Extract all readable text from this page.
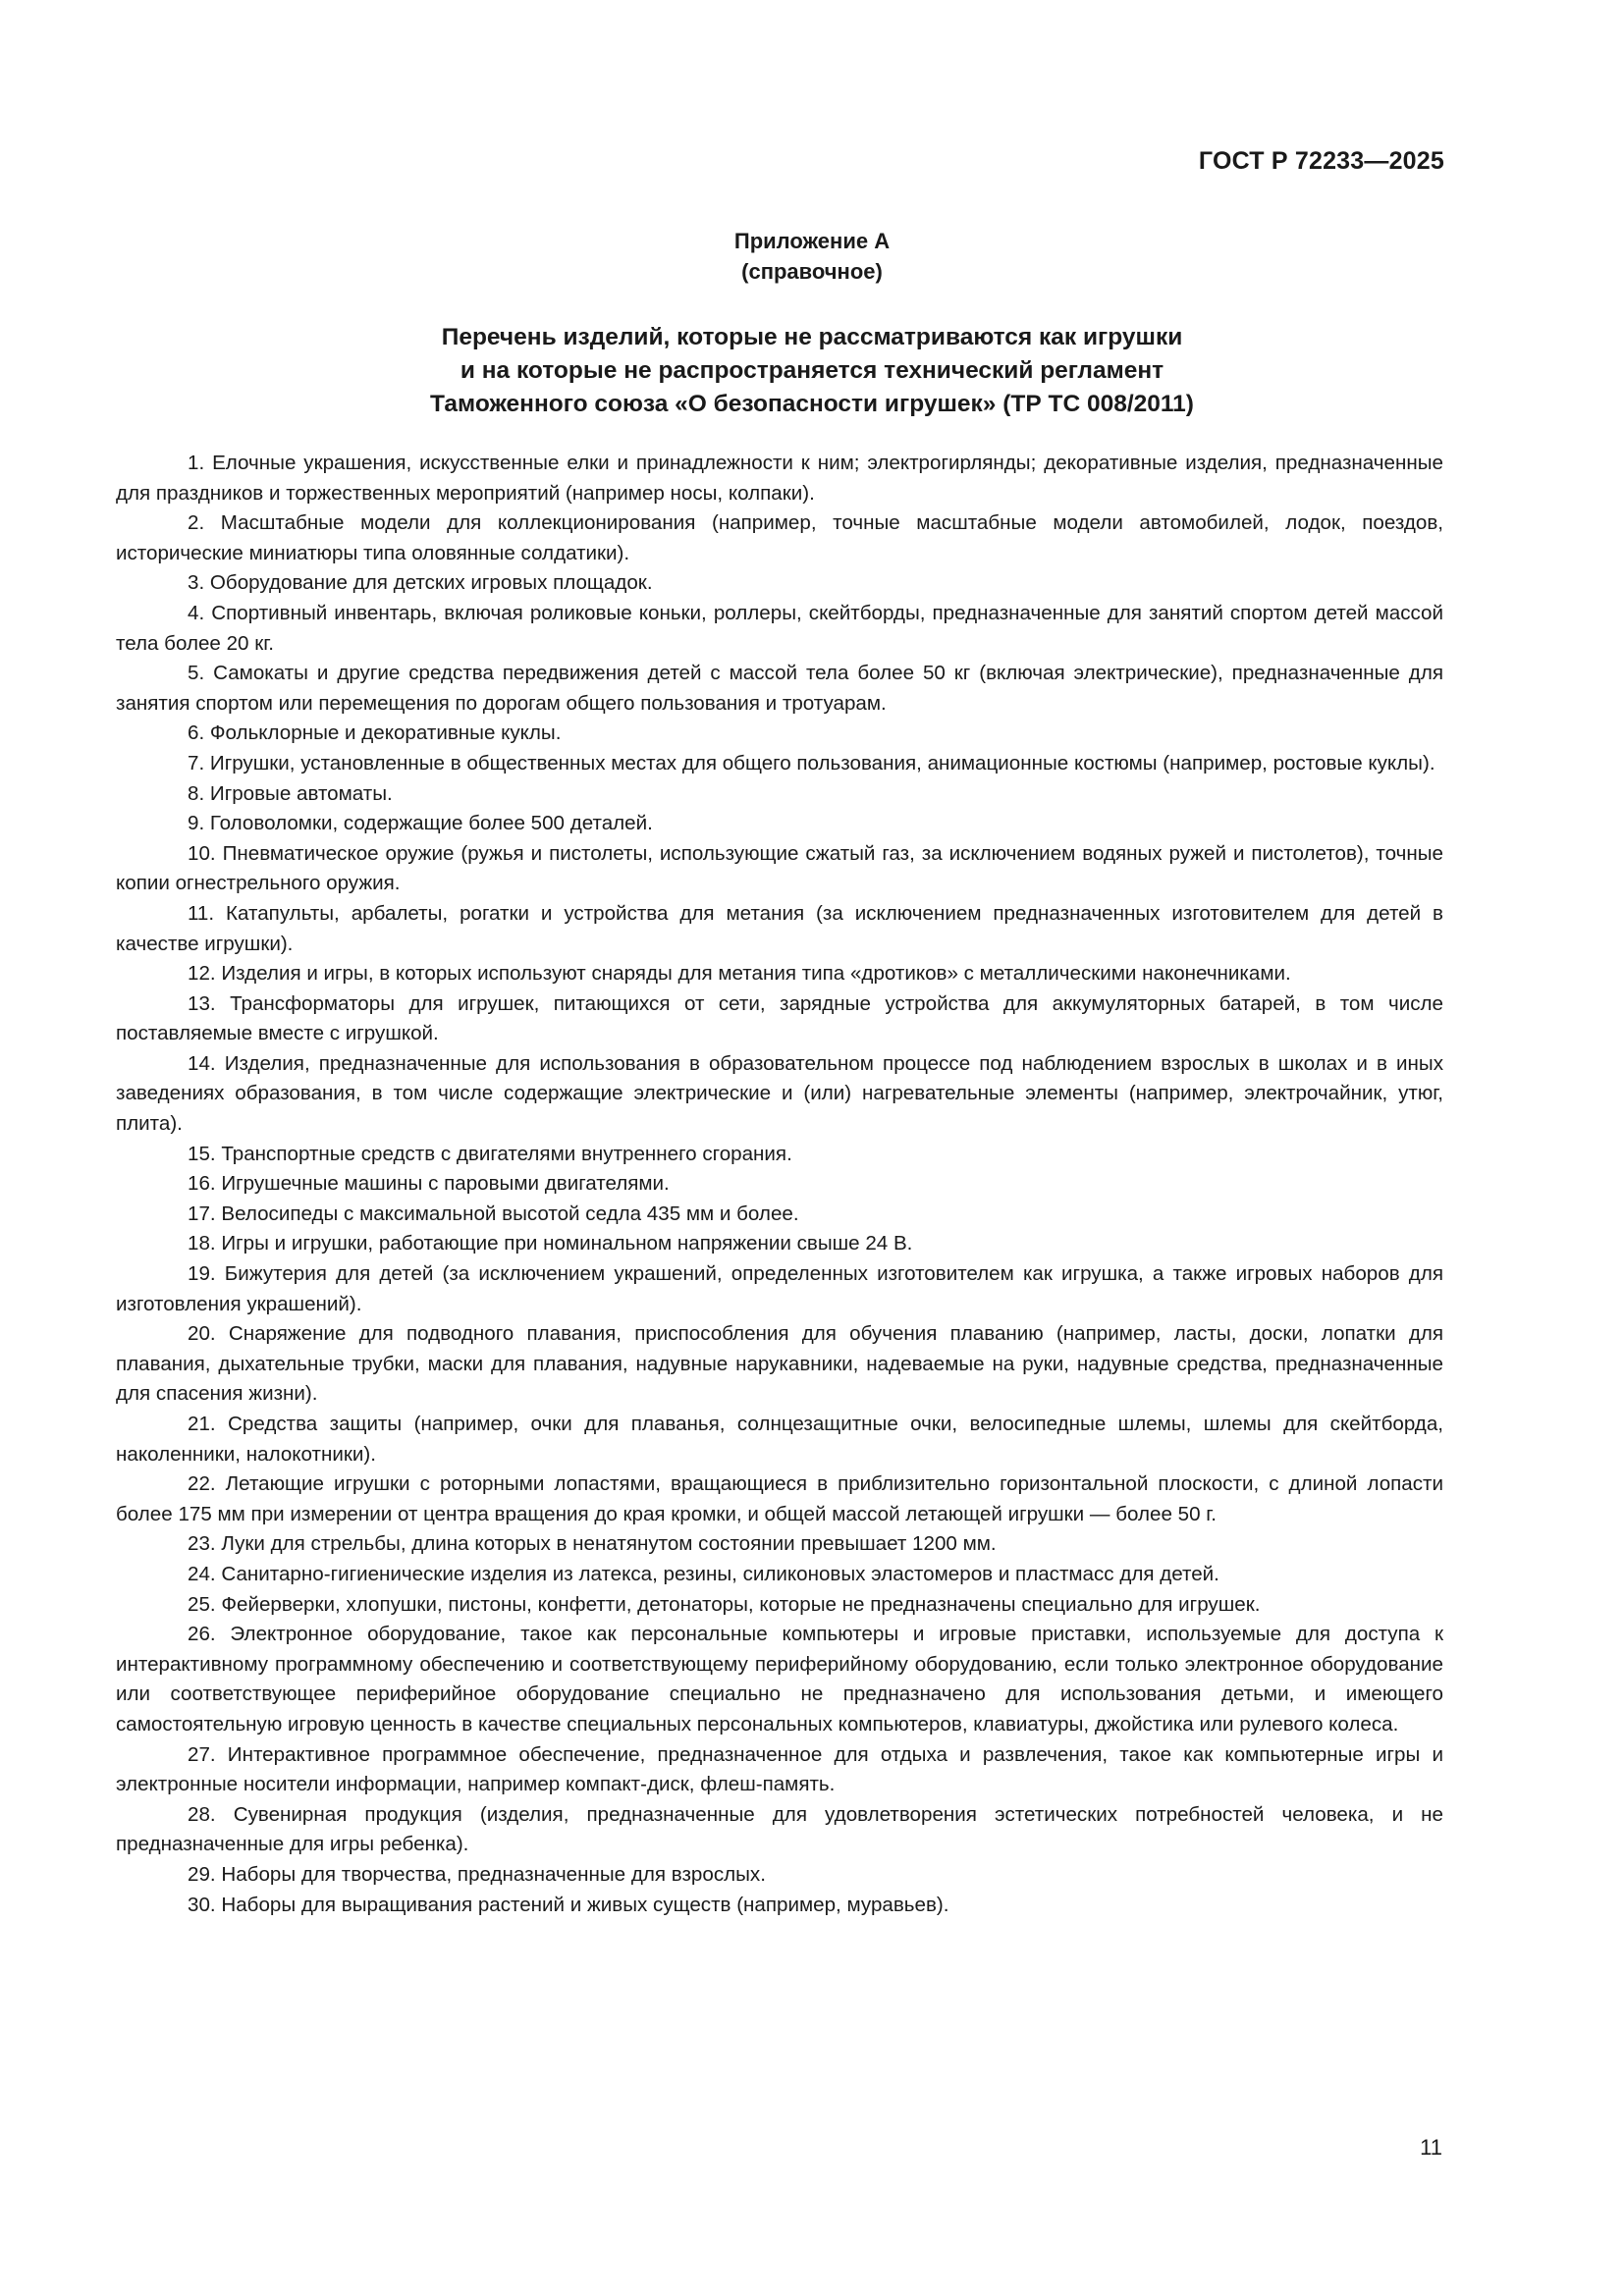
ГОСТ Р 72233—2025
Приложение А
(справочное)
Перечень изделий, которые не рассматриваются как игрушки
и на которые не распространяется технический регламент
Таможенного союза «О безопасности игрушек» (ТР ТС 008/2011)
1. Елочные украшения, искусственные елки и принадлежности к ним; электрогирлянды; декоративные изделия, предназначенные для праздников и торжественных мероприятий (например носы, колпаки).
2. Масштабные модели для коллекционирования (например, точные масштабные модели автомобилей, лодок, поездов, исторические миниатюры типа оловянные солдатики).
3. Оборудование для детских игровых площадок.
4. Спортивный инвентарь, включая роликовые коньки, роллеры, скейтборды, предназначенные для занятий спортом детей массой тела более 20 кг.
5. Самокаты и другие средства передвижения детей с массой тела более 50 кг (включая электрические), предназначенные для занятия спортом или перемещения по дорогам общего пользования и тротуарам.
6. Фольклорные и декоративные куклы.
7. Игрушки, установленные в общественных местах для общего пользования, анимационные костюмы (например, ростовые куклы).
8. Игровые автоматы.
9. Головоломки, содержащие более 500 деталей.
10. Пневматическое оружие (ружья и пистолеты, использующие сжатый газ, за исключением водяных ружей и пистолетов), точные копии огнестрельного оружия.
11. Катапульты, арбалеты, рогатки и устройства для метания (за исключением предназначенных изготовителем для детей в качестве игрушки).
12. Изделия и игры, в которых используют снаряды для метания типа «дротиков» с металлическими наконечниками.
13. Трансформаторы для игрушек, питающихся от сети, зарядные устройства для аккумуляторных батарей, в том числе поставляемые вместе с игрушкой.
14. Изделия, предназначенные для использования в образовательном процессе под наблюдением взрослых в школах и в иных заведениях образования, в том числе содержащие электрические и (или) нагревательные элементы (например, электрочайник, утюг, плита).
15. Транспортные средств с двигателями внутреннего сгорания.
16. Игрушечные машины с паровыми двигателями.
17. Велосипеды с максимальной высотой седла 435 мм и более.
18. Игры и игрушки, работающие при номинальном напряжении свыше 24 В.
19. Бижутерия для детей (за исключением украшений, определенных изготовителем как игрушка, а также игровых наборов для изготовления украшений).
20. Снаряжение для подводного плавания, приспособления для обучения плаванию (например, ласты, доски, лопатки для плавания, дыхательные трубки, маски для плавания, надувные нарукавники, надеваемые на руки, надувные средства, предназначенные для спасения жизни).
21. Средства защиты (например, очки для плаванья, солнцезащитные очки, велосипедные шлемы, шлемы для скейтборда, наколенники, налокотники).
22. Летающие игрушки с роторными лопастями, вращающиеся в приблизительно горизонтальной плоскости, с длиной лопасти более 175 мм при измерении от центра вращения до края кромки, и общей массой летающей игрушки — более 50 г.
23. Луки для стрельбы, длина которых в ненатянутом состоянии превышает 1200 мм.
24. Санитарно-гигиенические изделия из латекса, резины, силиконовых эластомеров и пластмасс для детей.
25. Фейерверки, хлопушки, пистоны, конфетти, детонаторы, которые не предназначены специально для игрушек.
26. Электронное оборудование, такое как персональные компьютеры и игровые приставки, используемые для доступа к интерактивному программному обеспечению и соответствующему периферийному оборудованию, если только электронное оборудование или соответствующее периферийное оборудование специально не предназначено для использования детьми, и имеющего самостоятельную игровую ценность в качестве специальных персональных компьютеров, клавиатуры, джойстика или рулевого колеса.
27. Интерактивное программное обеспечение, предназначенное для отдыха и развлечения, такое как компьютерные игры и электронные носители информации, например компакт-диск, флеш-память.
28. Сувенирная продукция (изделия, предназначенные для удовлетворения эстетических потребностей человека, и не предназначенные для игры ребенка).
29. Наборы для творчества, предназначенные для взрослых.
30. Наборы для выращивания растений и живых существ (например, муравьев).
11
